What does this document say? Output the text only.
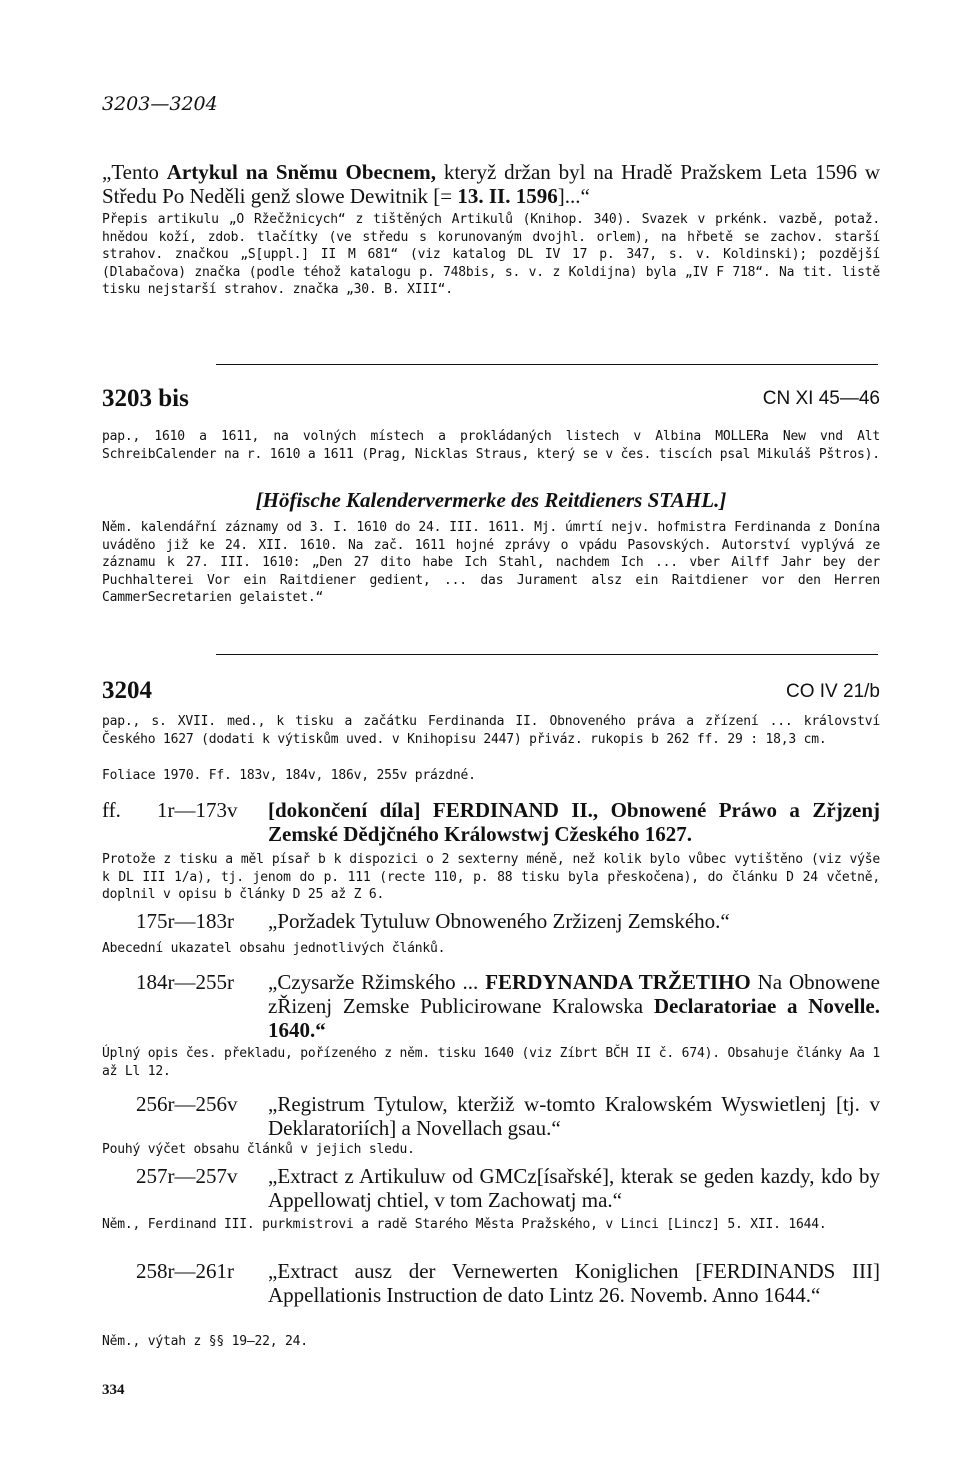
3203—3204

„Tento Artykul na Sněmu Obecnem, kteryž držan byl na Hradě Pražskem Leta 1596 w Středu Po Neděli genž slowe Dewitnik [= 13. II. 1596]...“

Přepis artikulu „O Ržečžnicych“ z tištěných Artikulů (Knihop. 340). Svazek v prkénk. vazbě, potaž. hnědou koží, zdob. tlačítky (ve středu s korunovaným dvojhl. orlem), na hřbetě se zachov. starší strahov. značkou „S[uppl.] II M 681“ (viz katalog DL IV 17 p. 347, s. v. Koldinski); pozdější (Dlabačova) značka (podle téhož katalogu p. 748bis, s. v. z Koldijna) byla „IV F 718“. Na tit. listě tisku nejstarší strahov. značka „30. B. XIII“.

3203 bis	CN XI 45—46

pap., 1610 a 1611, na volných místech a prokládaných listech v Albina MOLLERa New vnd Alt SchreibCalender na r. 1610 a 1611 (Prag, Nicklas Straus, který se v čes. tiscích psal Mikuláš Pštros).

[Höfische Kalendervermerke des Reitdieners STAHL.]

Něm. kalendářní záznamy od 3. I. 1610 do 24. III. 1611. Mj. úmrtí nejv. hofmistra Ferdinanda z Donína uváděno již ke 24. XII. 1610. Na zač. 1611 hojné zprávy o vpádu Pasovských. Autorství vyplývá ze záznamu k 27. III. 1610: „Den 27 dito habe Ich Stahl, nachdem Ich ... vber Ailff Jahr bey der Puchhalterei Vor ein Raitdiener gedient, ... das Jurament alsz ein Raitdiener vor den Herren CammerSecretarien gelaistet.“

3204	CO IV 21/b

pap., s. XVII. med., k tisku a začátku Ferdinanda II. Obnoveného práva a zřízení ... království Českého 1627 (dodati k výtiskům uved. v Knihopisu 2447) přiváz. rukopis b 262 ff. 29 : 18,3 cm.

Foliace 1970. Ff. 183v, 184v, 186v, 255v prázdné.

ff. 1r—173v [dokončení díla] FERDINAND II., Obnowené Práwo a Zřjzenj Zemské Dědjčného Králowstwj Cžeského 1627.

Protože z tisku a měl písař b k dispozici o 2 sexterny méně, než kolik bylo vůbec vytištěno (viz výše k DL III 1/a), tj. jenom do p. 111 (recte 110, p. 88 tisku byla přeskočena), do článku D 24 včetně, doplnil v opisu b články D 25 až Z 6.

175r—183r „Poržadek Tytuluw Obnoweného Zržizenj Zemského.“

Abecední ukazatel obsahu jednotlivých článků.

184r—255r „Czysarže Ržimského ... FERDYNANDA TRŽETIHO Na Obnowene zŘizenj Zemske Publicirowane Kralowska Declaratoriae a Novelle. 1640.“

Úplný opis čes. překladu, pořízeného z něm. tisku 1640 (viz Zíbrt BČH II č. 674). Obsahuje články Aa 1 až Ll 12.

256r—256v „Registrum Tytulow, kteržiž w-tomto Kralowském Wyswietlenj [tj. v Deklaratoriích] a Novellach gsau.“

Pouhý výčet obsahu článků v jejich sledu.

257r—257v „Extract z Artikuluw od GMCz[ísařské], kterak se geden kazdy, kdo by Appellowatj chtiel, v tom Zachowatj ma.“

Něm., Ferdinand III. purkmistrovi a radě Starého Města Pražského, v Linci [Lincz] 5. XII. 1644.

258r—261r „Extract ausz der Vernewerten Koniglichen [FERDINANDS III] Appellationis Instruction de dato Lintz 26. Novemb. Anno 1644.“

Něm., výtah z §§ 19—22, 24.

334
